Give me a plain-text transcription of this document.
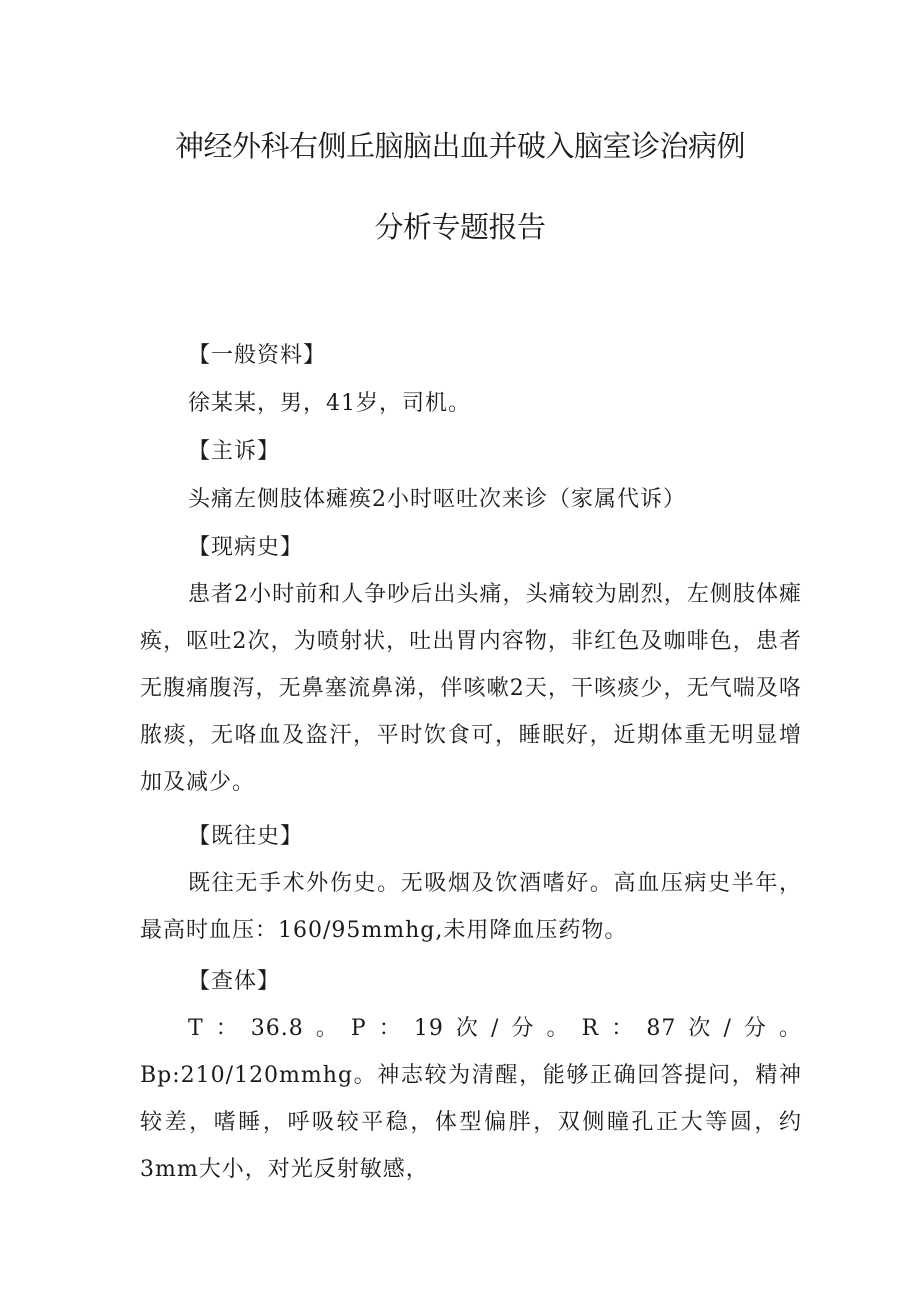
神经外科右侧丘脑脑出血并破入脑室诊治病例
分析专题报告

【一般资料】

徐某某，男，41岁，司机。

【主诉】

头痛左侧肢体瘫痪2小时呕吐次来诊（家属代诉）

【现病史】

患者2小时前和人争吵后出头痛，头痛较为剧烈，左侧肢体瘫痪，呕吐2次，为喷射状，吐出胃内容物，非红色及咖啡色，患者无腹痛腹泻，无鼻塞流鼻涕，伴咳嗽2天，干咳痰少，无气喘及咯脓痰，无咯血及盗汗，平时饮食可，睡眠好，近期体重无明显增加及减少。

【既往史】

既往无手术外伤史。无吸烟及饮酒嗜好。高血压病史半年，最高时血压：160/95mmhg,未用降血压药物。

【查体】

T：36.8。P：19次/分。R：87次/分。Bp:210/120mmhg。神志较为清醒，能够正确回答提问，精神较差，嗜睡，呼吸较平稳，体型偏胖，双侧瞳孔正大等圆，约3mm大小，对光反射敏感，
